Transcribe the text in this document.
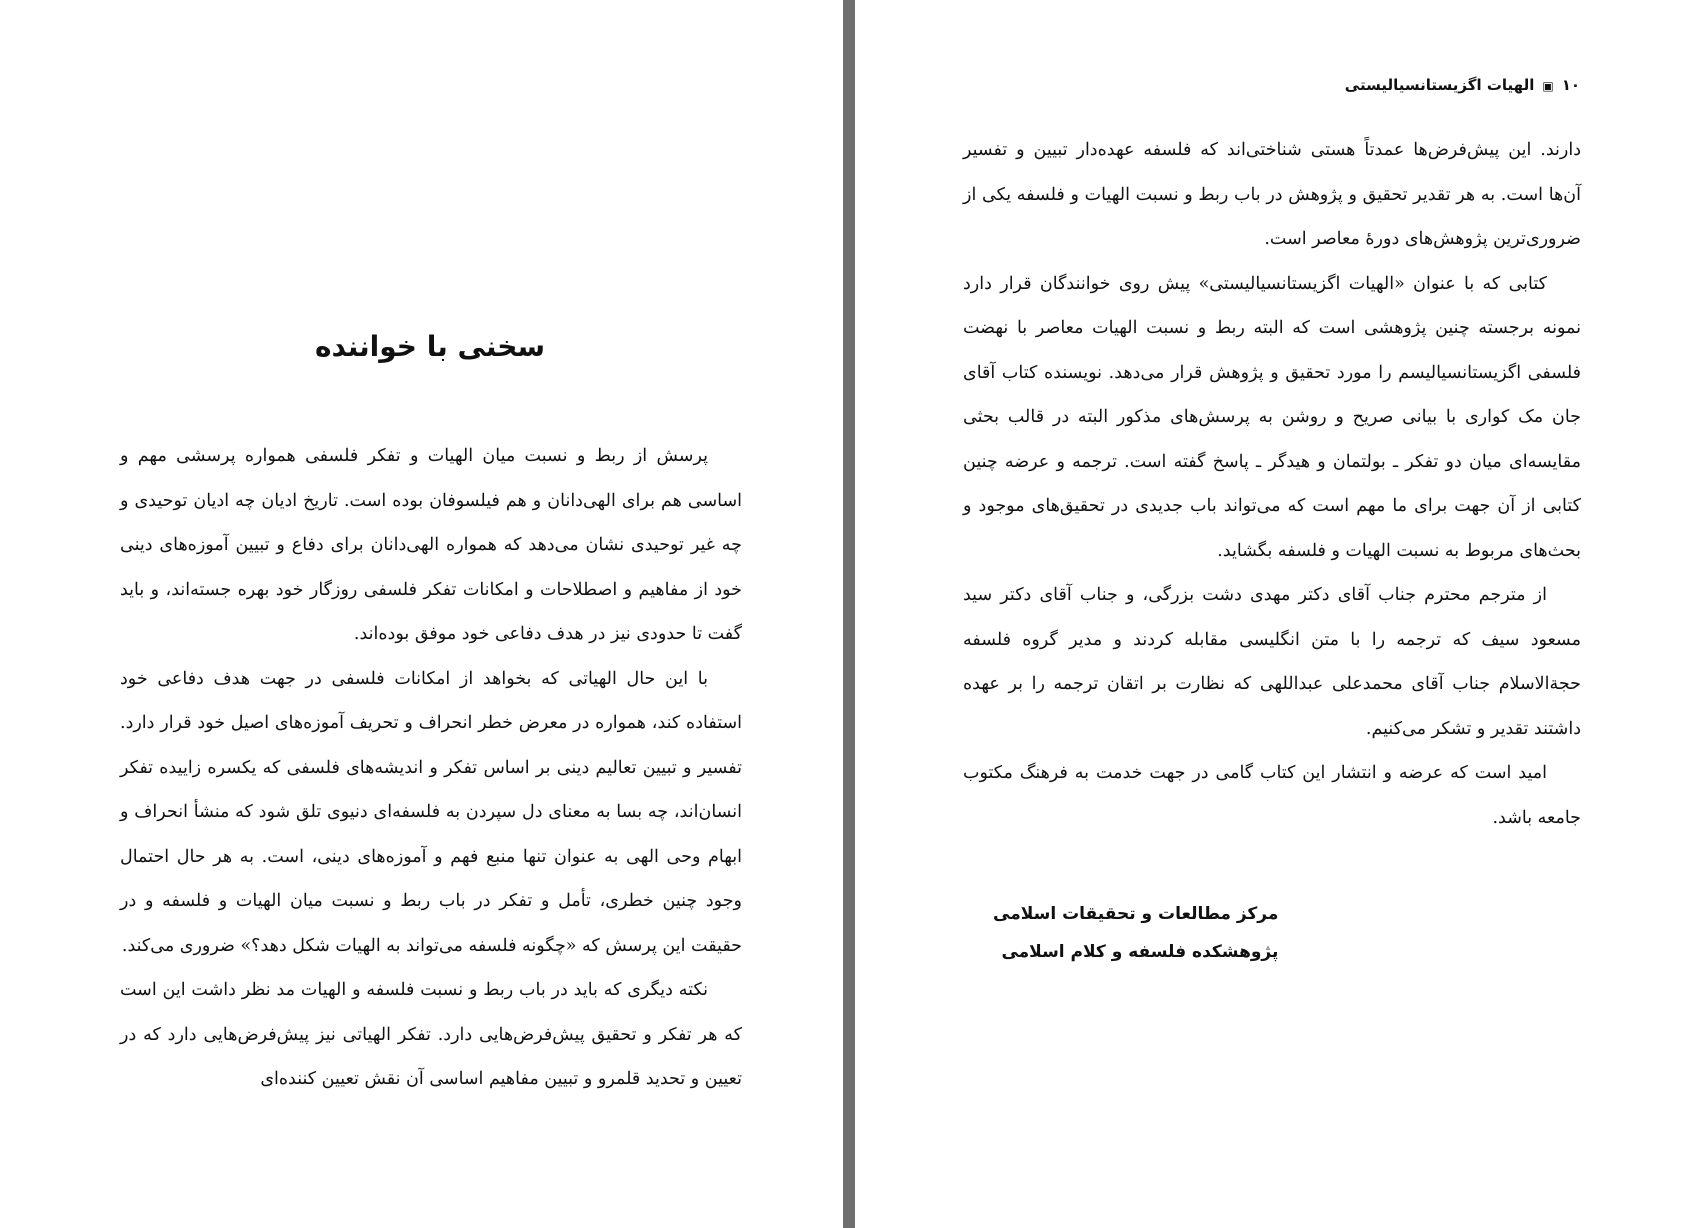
سخنی با خواننده

پرسش از ربط و نسبت میان الهیات و تفکر فلسفی همواره پرسشی مهم و اساسی هم برای الهی‌دانان و هم فیلسوفان بوده است. تاریخ ادیان چه ادیان توحیدی و چه غیر توحیدی نشان می‌دهد که همواره الهی‌دانان برای دفاع و تبیین آموزه‌های دینی خود از مفاهیم و اصطلاحات و امکانات تفکر فلسفی روزگار خود بهره جسته‌اند، و باید گفت تا حدودی نیز در هدف دفاعی خود موفق بوده‌اند.

با این حال الهیاتی که بخواهد از امکانات فلسفی در جهت هدف دفاعی خود استفاده کند، همواره در معرض خطر انحراف و تحریف آموزه‌های اصیل خود قرار دارد. تفسیر و تبیین تعالیم دینی بر اساس تفکر و اندیشه‌های فلسفی که یکسره زاییده تفکر انسان‌اند، چه بسا به معنای دل سپردن به فلسفه‌ای دنیوی تلق شود که منشأ انحراف و ابهام وحی الهی به عنوان تنها منبع فهم و آموزه‌های دینی، است. به هر حال احتمال وجود چنین خطری، تأمل و تفکر در باب ربط و نسبت میان الهیات و فلسفه و در حقیقت این پرسش که «چگونه فلسفه می‌تواند به الهیات شکل دهد؟» ضروری می‌کند.

نکته دیگری که باید در باب ربط و نسبت فلسفه و الهیات مد نظر داشت این است که هر تفکر و تحقیق پیش‌فرض‌هایی دارد. تفکر الهیاتی نیز پیش‌فرض‌هایی دارد که در تعیین و تحدید قلمرو و تبیین مفاهیم اساسی آن نقش تعیین کننده‌ای

۱۰▣الهیات اگزیستانسیالیستی

دارند. این پیش‌فرض‌ها عمدتاً هستی شناختی‌اند که فلسفه عهده‌دار تبیین و تفسیر آن‌ها است. به هر تقدیر تحقیق و پژوهش در باب ربط و نسبت الهیات و فلسفه یکی از ضروری‌ترین پژوهش‌های دورهٔ معاصر است.

کتابی که با عنوان «الهیات اگزیستانسیالیستی» پیش روی خوانندگان قرار دارد نمونه برجسته چنین پژوهشی است که البته ربط و نسبت الهیات معاصر با نهضت فلسفی اگزیستانسیالیسم را مورد تحقیق و پژوهش قرار می‌دهد. نویسنده کتاب آقای جان مک کواری با بیانی صریح و روشن به پرسش‌های مذکور البته در قالب بحثی مقایسه‌ای میان دو تفکر ـ بولتمان و هیدگر ـ پاسخ گفته است. ترجمه و عرضه چنین کتابی از آن جهت برای ما مهم است که می‌تواند باب جدیدی در تحقیق‌های موجود و بحث‌های مربوط به نسبت الهیات و فلسفه بگشاید.

از مترجم محترم جناب آقای دکتر مهدی دشت بزرگی، و جناب آقای دکتر سید مسعود سیف که ترجمه را با متن انگلیسی مقابله کردند و مدیر گروه فلسفه حجةالاسلام جناب آقای محمدعلی عبداللهی که نظارت بر اتقان ترجمه را بر عهده داشتند تقدیر و تشکر می‌کنیم.

امید است که عرضه و انتشار این کتاب گامی در جهت خدمت به فرهنگ مکتوب جامعه باشد.

مرکز مطالعات و تحقیقات اسلامی
پژوهشکده فلسفه و کلام اسلامی
